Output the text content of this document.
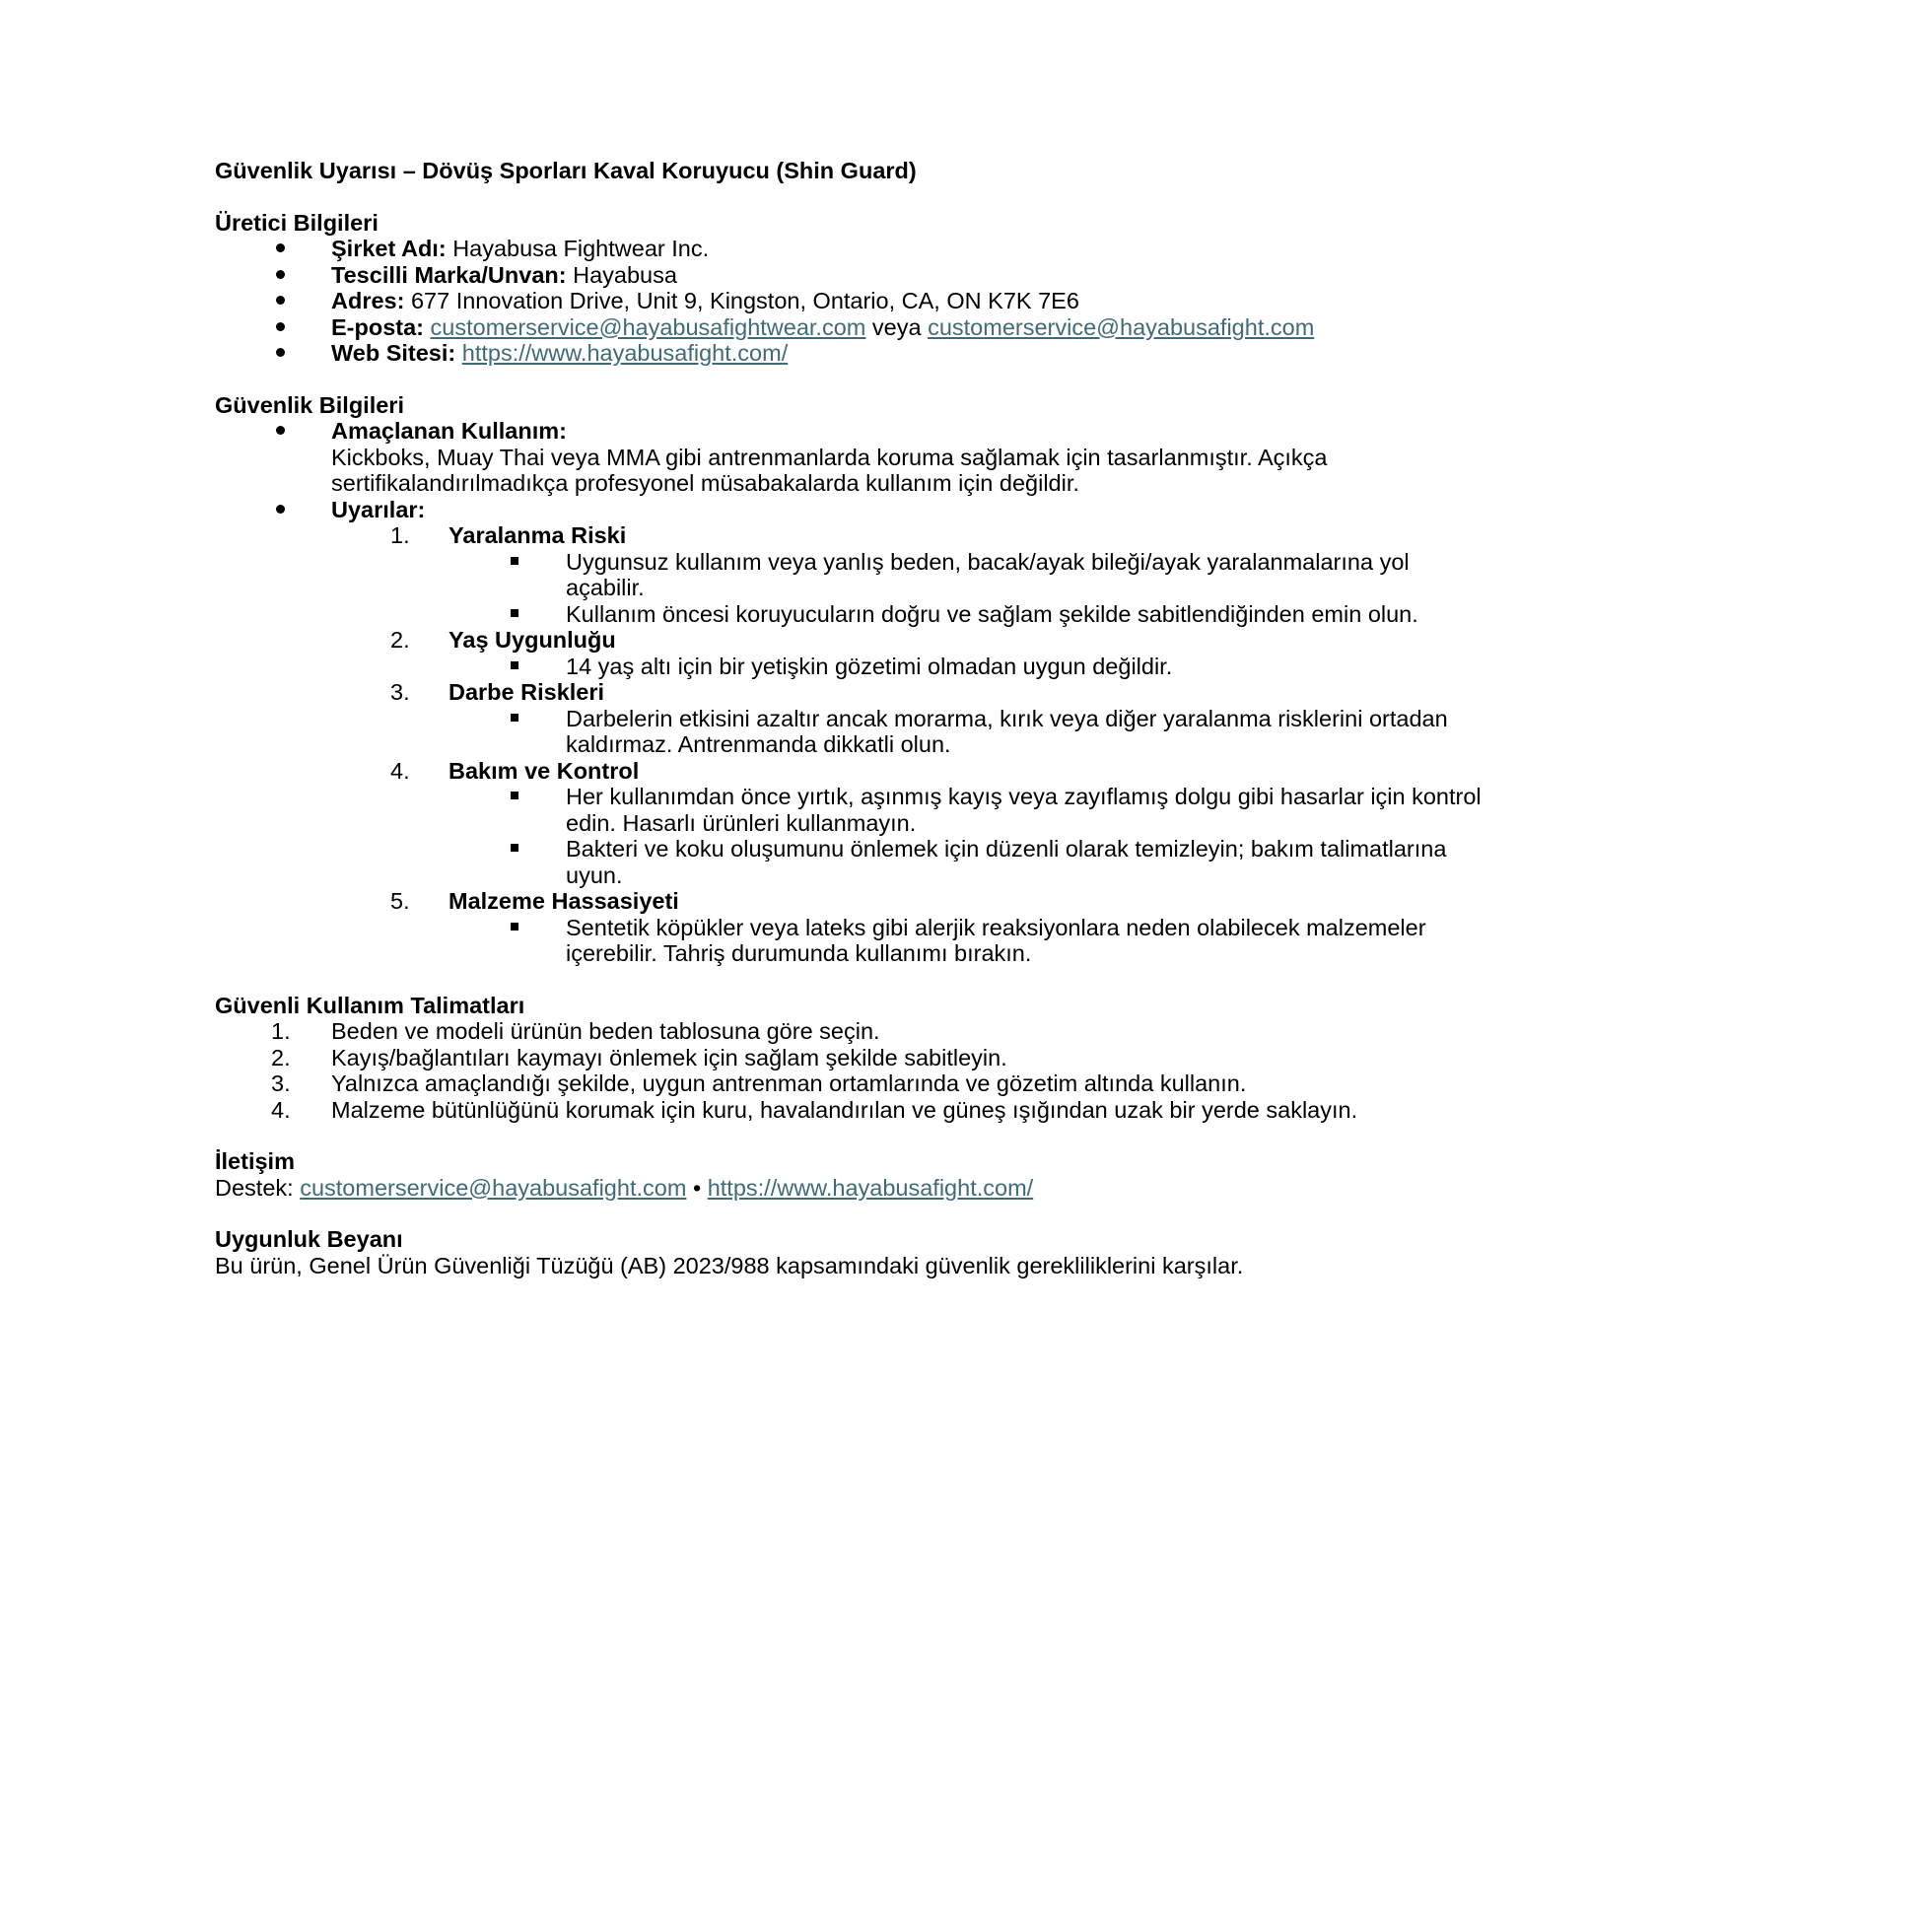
Güvenlik Uyarısı – Dövüş Sporları Kaval Koruyucu (Shin Guard)
Üretici Bilgileri
Şirket Adı: Hayabusa Fightwear Inc.
Tescilli Marka/Unvan: Hayabusa
Adres: 677 Innovation Drive, Unit 9, Kingston, Ontario, CA, ON K7K 7E6
E-posta: customerservice@hayabusafightwear.com veya customerservice@hayabusafight.com
Web Sitesi: https://www.hayabusafight.com/
Güvenlik Bilgileri
Amaçlanan Kullanım:
Kickboks, Muay Thai veya MMA gibi antrenmanlarda koruma sağlamak için tasarlanmıştır. Açıkça
sertifikalandırılmadıkça profesyonel müsabakalarda kullanım için değildir.
Uyarılar:
1.	Yaralanma Riski
Uygunsuz kullanım veya yanlış beden, bacak/ayak bileği/ayak yaralanmalarına yol
açabilir.
Kullanım öncesi koruyucuların doğru ve sağlam şekilde sabitlendiğinden emin olun.
2.	Yaş Uygunluğu
14 yaş altı için bir yetişkin gözetimi olmadan uygun değildir.
3.	Darbe Riskleri
Darbelerin etkisini azaltır ancak morarma, kırık veya diğer yaralanma risklerini ortadan
kaldırmaz. Antrenmanda dikkatli olun.
4.	Bakım ve Kontrol
Her kullanımdan önce yırtık, aşınmış kayış veya zayıflamış dolgu gibi hasarlar için kontrol
edin. Hasarlı ürünleri kullanmayın.
Bakteri ve koku oluşumunu önlemek için düzenli olarak temizleyin; bakım talimatlarına
uyun.
5.	Malzeme Hassasiyeti
Sentetik köpükler veya lateks gibi alerjik reaksiyonlara neden olabilecek malzemeler
içerebilir. Tahriş durumunda kullanımı bırakın.
Güvenli Kullanım Talimatları
1.	Beden ve modeli ürünün beden tablosuna göre seçin.
2.	Kayış/bağlantıları kaymayı önlemek için sağlam şekilde sabitleyin.
3.	Yalnızca amaçlandığı şekilde, uygun antrenman ortamlarında ve gözetim altında kullanın.
4.	Malzeme bütünlüğünü korumak için kuru, havalandırılan ve güneş ışığından uzak bir yerde saklayın.
İletişim
Destek: customerservice@hayabusafight.com • https://www.hayabusafight.com/
Uygunluk Beyanı
Bu ürün, Genel Ürün Güvenliği Tüzüğü (AB) 2023/988 kapsamındaki güvenlik gerekliliklerini karşılar.
